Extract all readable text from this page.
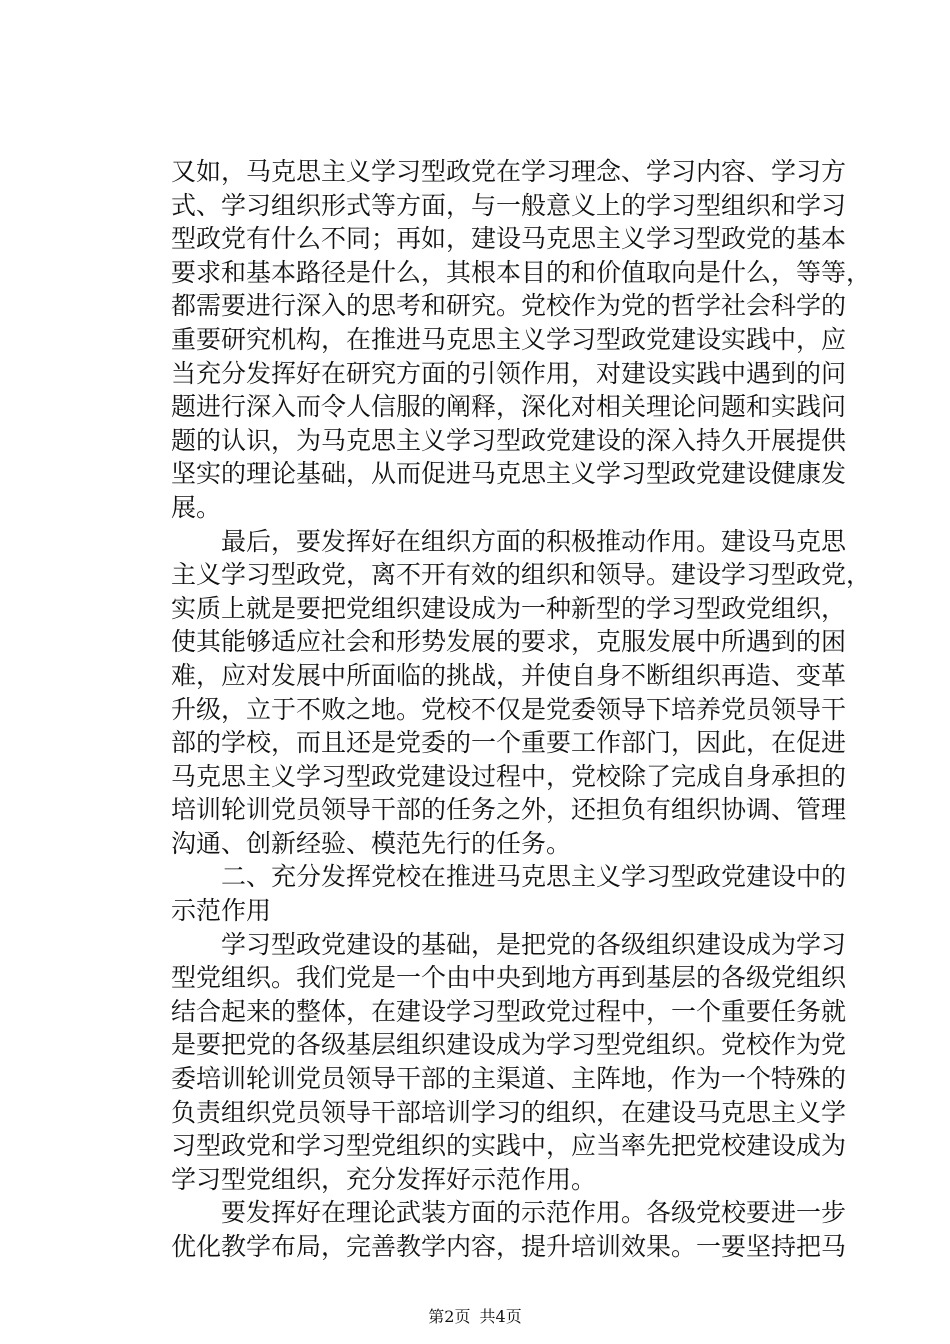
又如，马克思主义学习型政党在学习理念、学习内容、学习方
式、学习组织形式等方面，与一般意义上的学习型组织和学习
型政党有什么不同；再如，建设马克思主义学习型政党的基本
要求和基本路径是什么，其根本目的和价值取向是什么，等等，
都需要进行深入的思考和研究。党校作为党的哲学社会科学的
重要研究机构，在推进马克思主义学习型政党建设实践中，应
当充分发挥好在研究方面的引领作用，对建设实践中遇到的问
题进行深入而令人信服的阐释，深化对相关理论问题和实践问
题的认识，为马克思主义学习型政党建设的深入持久开展提供
坚实的理论基础，从而促进马克思主义学习型政党建设健康发
展。
　　最后，要发挥好在组织方面的积极推动作用。建设马克思
主义学习型政党，离不开有效的组织和领导。建设学习型政党，
实质上就是要把党组织建设成为一种新型的学习型政党组织，
使其能够适应社会和形势发展的要求，克服发展中所遇到的困
难，应对发展中所面临的挑战，并使自身不断组织再造、变革
升级，立于不败之地。党校不仅是党委领导下培养党员领导干
部的学校，而且还是党委的一个重要工作部门，因此，在促进
马克思主义学习型政党建设过程中，党校除了完成自身承担的
培训轮训党员领导干部的任务之外，还担负有组织协调、管理
沟通、创新经验、模范先行的任务。
　　二、充分发挥党校在推进马克思主义学习型政党建设中的
示范作用
　　学习型政党建设的基础，是把党的各级组织建设成为学习
型党组织。我们党是一个由中央到地方再到基层的各级党组织
结合起来的整体，在建设学习型政党过程中，一个重要任务就
是要把党的各级基层组织建设成为学习型党组织。党校作为党
委培训轮训党员领导干部的主渠道、主阵地，作为一个特殊的
负责组织党员领导干部培训学习的组织，在建设马克思主义学
习型政党和学习型党组织的实践中，应当率先把党校建设成为
学习型党组织，充分发挥好示范作用。
　　要发挥好在理论武装方面的示范作用。各级党校要进一步
优化教学布局，完善教学内容，提升培训效果。一要坚持把马
第2页 共4页
